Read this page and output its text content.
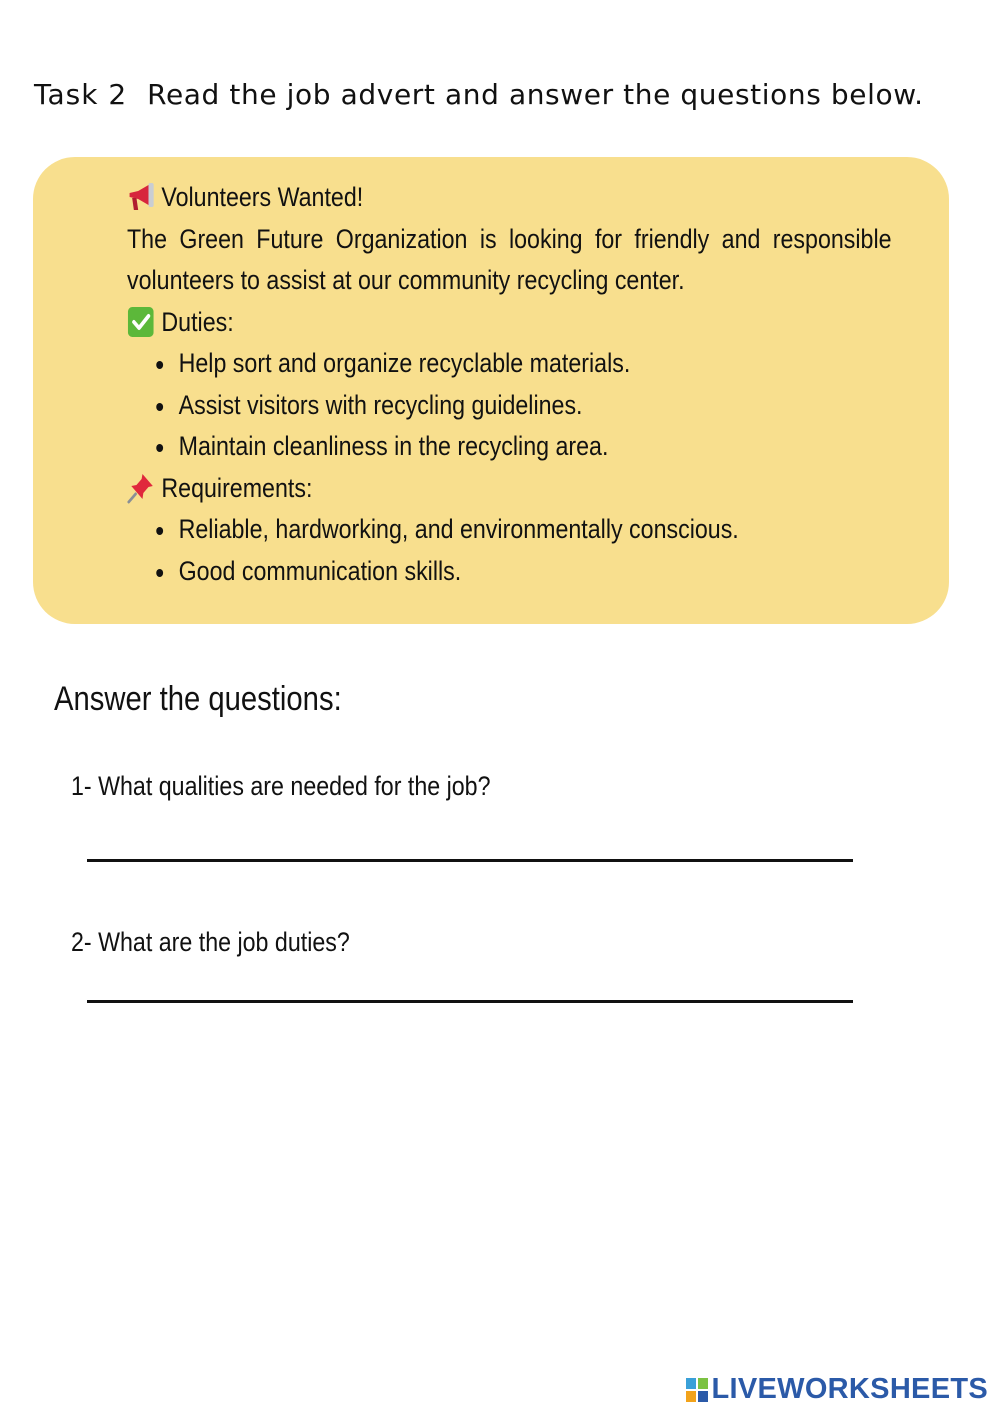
Task 2 Read the job advert and answer the questions below.
Volunteers Wanted!
The Green Future Organization is looking for friendly and responsible volunteers to assist at our community recycling center.
Duties:
Help sort and organize recyclable materials.
Assist visitors with recycling guidelines.
Maintain cleanliness in the recycling area.
Requirements:
Reliable, hardworking, and environmentally conscious.
Good communication skills.
Answer the questions:
1- What qualities are needed for the job?
2- What are the job duties?
LIVEWORKSHEETS
